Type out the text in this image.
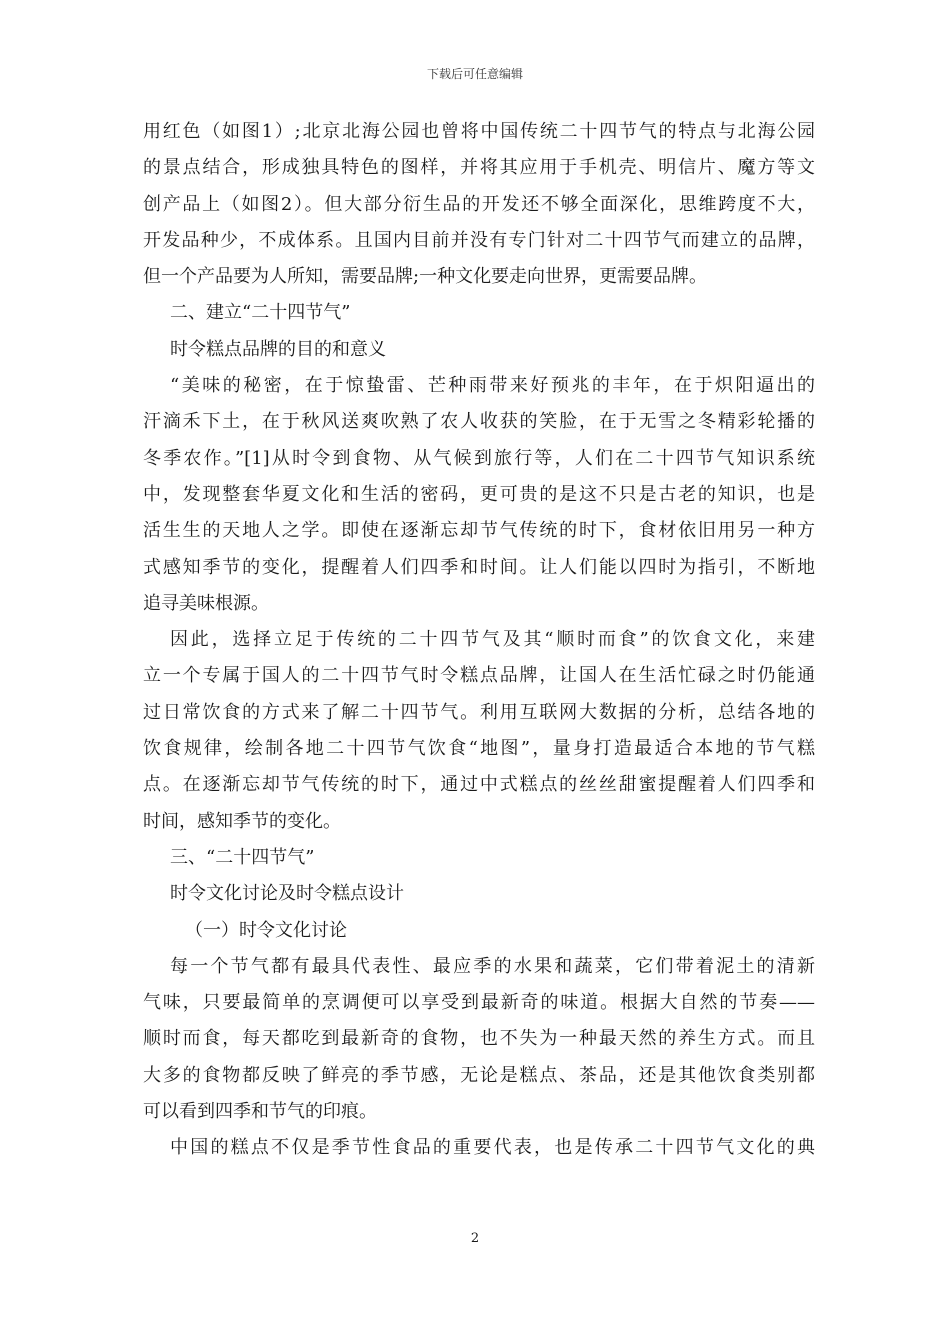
下载后可任意编辑
用红色（如图1）;北京北海公园也曾将中国传统二十四节气的特点与北海公园
的景点结合，形成独具特色的图样，并将其应用于手机壳、明信片、魔方等文
创产品上（如图2）。但大部分衍生品的开发还不够全面深化，思维跨度不大，
开发品种少，不成体系。且国内目前并没有专门针对二十四节气而建立的品牌，
但一个产品要为人所知，需要品牌;一种文化要走向世界，更需要品牌。
二、建立“二十四节气”
时令糕点品牌的目的和意义
“美味的秘密，在于惊蛰雷、芒种雨带来好预兆的丰年，在于炽阳逼出的
汗滴禾下土，在于秋风送爽吹熟了农人收获的笑脸，在于无雪之冬精彩轮播的
冬季农作。”[1]从时令到食物、从气候到旅行等，人们在二十四节气知识系统
中，发现整套华夏文化和生活的密码，更可贵的是这不只是古老的知识，也是
活生生的天地人之学。即使在逐渐忘却节气传统的时下，食材依旧用另一种方
式感知季节的变化，提醒着人们四季和时间。让人们能以四时为指引，不断地
追寻美味根源。
因此，选择立足于传统的二十四节气及其“顺时而食”的饮食文化，来建
立一个专属于国人的二十四节气时令糕点品牌，让国人在生活忙碌之时仍能通
过日常饮食的方式来了解二十四节气。利用互联网大数据的分析，总结各地的
饮食规律，绘制各地二十四节气饮食“地图”，量身打造最适合本地的节气糕
点。在逐渐忘却节气传统的时下，通过中式糕点的丝丝甜蜜提醒着人们四季和
时间，感知季节的变化。
三、“二十四节气”
时令文化讨论及时令糕点设计
（一）时令文化讨论
每一个节气都有最具代表性、最应季的水果和蔬菜，它们带着泥土的清新
气味，只要最简单的烹调便可以享受到最新奇的味道。根据大自然的节奏——
顺时而食，每天都吃到最新奇的食物，也不失为一种最天然的养生方式。而且
大多的食物都反映了鲜亮的季节感，无论是糕点、茶品，还是其他饮食类别都
可以看到四季和节气的印痕。
中国的糕点不仅是季节性食品的重要代表，也是传承二十四节气文化的典
2
